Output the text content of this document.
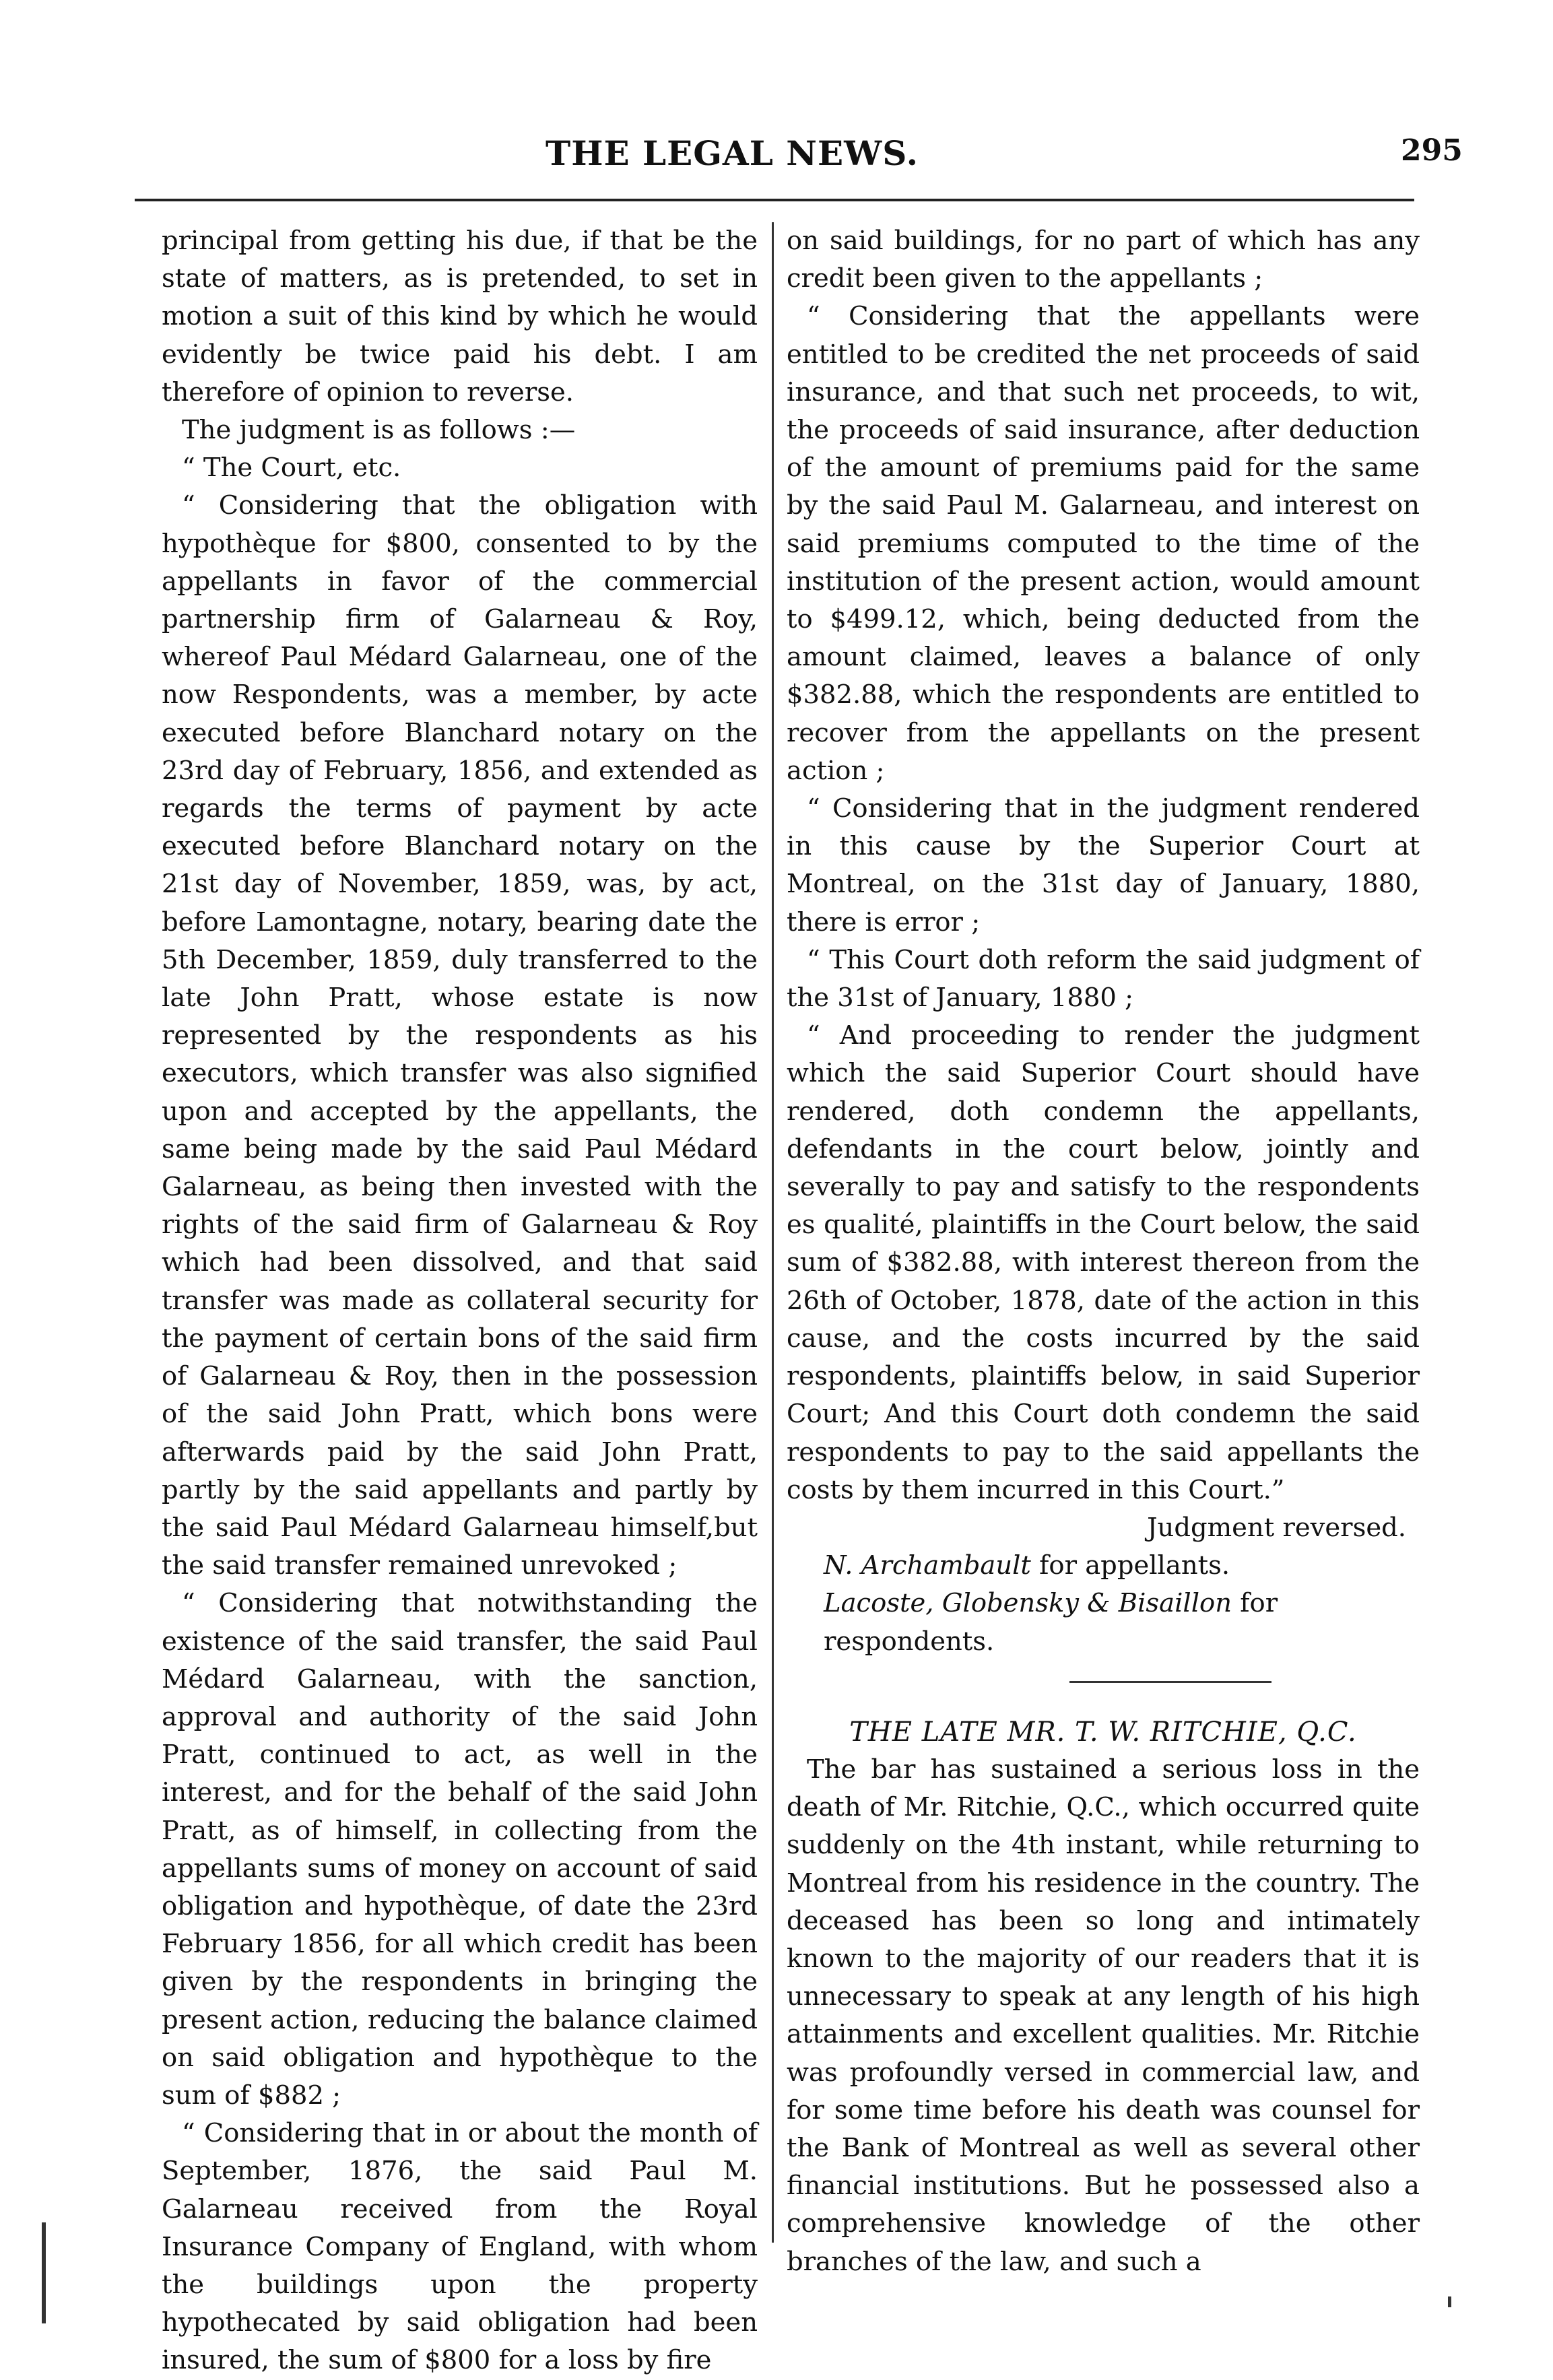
THE LEGAL NEWS.	295

principal from getting his due, if that be the state of matters, as is pretended, to set in motion a suit of this kind by which he would evidently be twice paid his debt. I am therefore of opinion to reverse.

The judgment is as follows :—

“ The Court, etc.

“ Considering that the obligation with hypothèque for $800, consented to by the appellants in favor of the commercial partnership firm of Galarneau & Roy, whereof Paul Médard Galarneau, one of the now Respondents, was a member, by acte executed before Blanchard notary on the 23rd day of February, 1856, and extended as regards the terms of payment by acte executed before Blanchard notary on the 21st day of November, 1859, was, by act, before Lamontagne, notary, bearing date the 5th December, 1859, duly transferred to the late John Pratt, whose estate is now represented by the respondents as his executors, which transfer was also signified upon and accepted by the appellants, the same being made by the said Paul Médard Galarneau, as being then invested with the rights of the said firm of Galarneau & Roy which had been dissolved, and that said transfer was made as collateral security for the payment of certain bons of the said firm of Galarneau & Roy, then in the possession of the said John Pratt, which bons were afterwards paid by the said John Pratt, partly by the said appellants and partly by the said Paul Médard Galarneau himself,but the said transfer remained unrevoked ;

“ Considering that notwithstanding the existence of the said transfer, the said Paul Médard Galarneau, with the sanction, approval and authority of the said John Pratt, continued to act, as well in the interest, and for the behalf of the said John Pratt, as of himself, in collecting from the appellants sums of money on account of said obligation and hypothèque, of date the 23rd February 1856, for all which credit has been given by the respondents in bringing the present action, reducing the balance claimed on said obligation and hypothèque to the sum of $882 ;

“ Considering that in or about the month of September, 1876, the said Paul M. Galarneau received from the Royal Insurance Company of England, with whom the buildings upon the property hypothecated by said obligation had been insured, the sum of $800 for a loss by fire

on said buildings, for no part of which has any credit been given to the appellants ;

“ Considering that the appellants were entitled to be credited the net proceeds of said insurance, and that such net proceeds, to wit, the proceeds of said insurance, after deduction of the amount of premiums paid for the same by the said Paul M. Galarneau, and interest on said premiums computed to the time of the institution of the present action, would amount to $499.12, which, being deducted from the amount claimed, leaves a balance of only $382.88, which the respondents are entitled to recover from the appellants on the present action ;

“ Considering that in the judgment rendered in this cause by the Superior Court at Montreal, on the 31st day of January, 1880, there is error ;

“ This Court doth reform the said judgment of the 31st of January, 1880 ;

“ And proceeding to render the judgment which the said Superior Court should have rendered, doth condemn the appellants, defendants in the court below, jointly and severally to pay and satisfy to the respondents es qualité, plaintiffs in the Court below, the said sum of $382.88, with interest thereon from the 26th of October, 1878, date of the action in this cause, and the costs incurred by the said respondents, plaintiffs below, in said Superior Court; And this Court doth condemn the said respondents to pay to the said appellants the costs by them incurred in this Court.”

Judgment reversed.

N. Archambault for appellants.

Lacoste, Globensky & Bisaillon for respondents.

THE LATE MR. T. W. RITCHIE, Q.C.

The bar has sustained a serious loss in the death of Mr. Ritchie, Q.C., which occurred quite suddenly on the 4th instant, while returning to Montreal from his residence in the country. The deceased has been so long and intimately known to the majority of our readers that it is unnecessary to speak at any length of his high attainments and excellent qualities. Mr. Ritchie was profoundly versed in commercial law, and for some time before his death was counsel for the Bank of Montreal as well as several other financial institutions. But he possessed also a comprehensive knowledge of the other branches of the law, and such a
